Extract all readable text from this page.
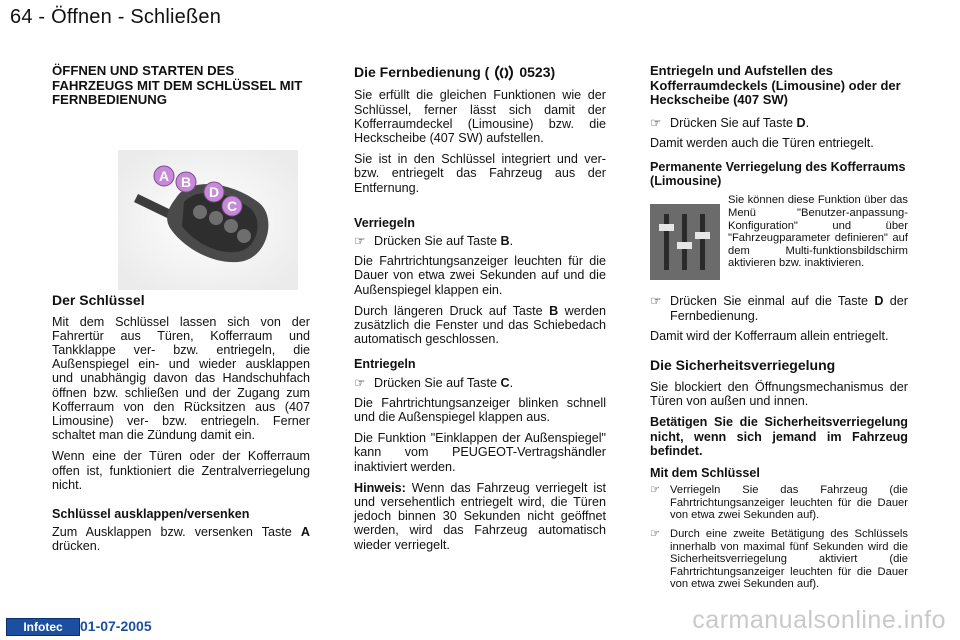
64 - Öffnen - Schließen
A B
D
C
ÖFFNEN UND STARTEN DES FAHRZEUGS MIT DEM SCHLÜSSEL MIT FERNBEDIENUNG
Der Schlüssel

Mit dem Schlüssel lassen sich von der Fahrertür aus Türen, Kofferraum und Tankklappe ver- bzw. entriegeln, die Außenspiegel ein- und wieder ausklappen und unabhängig davon das Handschuhfach öffnen bzw. schließen und der Zugang zum Kofferraum von den Rücksitzen aus (407 Limousine) ver- bzw. entriegeln. Ferner schaltet man die Zündung damit ein.

Wenn eine der Türen oder der Kofferraum offen ist, funktioniert die Zentralverriegelung nicht.

Schlüssel ausklappen/versenken

Zum Ausklappen bzw. versenken Taste A drücken.

Die Fernbedienung ( 0523)

Sie erfüllt die gleichen Funktionen wie der Schlüssel, ferner lässt sich damit der Kofferraumdeckel (Limousine) bzw. die Heckscheibe (407 SW) aufstellen.

Sie ist in den Schlüssel integriert und ver- bzw. entriegelt das Fahrzeug aus der Entfernung.

Verriegeln
☞ Drücken Sie auf Taste B.

Die Fahrtrichtungsanzeiger leuchten für die Dauer von etwa zwei Sekunden auf und die Außenspiegel klappen ein.

Durch längeren Druck auf Taste B werden zusätzlich die Fenster und das Schiebedach automatisch geschlossen.

Entriegeln
☞ Drücken Sie auf Taste C.

Die Fahrtrichtungsanzeiger blinken schnell und die Außenspiegel klappen aus.

Die Funktion "Einklappen der Außenspiegel" kann vom PEUGEOT-Vertragshändler inaktiviert werden.

Hinweis: Wenn das Fahrzeug verriegelt ist und versehentlich entriegelt wird, die Türen jedoch binnen 30 Sekunden nicht geöffnet werden, wird das Fahrzeug automatisch wieder verriegelt.

Entriegeln und Aufstellen des Kofferraumdeckels (Limousine) oder der Heckscheibe (407 SW)
☞ Drücken Sie auf Taste D.

Damit werden auch die Türen entriegelt.

Permanente Verriegelung des Kofferraums (Limousine)
Sie können diese Funktion über das Menü "Benutzer-anpassung-Konfiguration" und über "Fahrzeugparameter definieren" auf dem Multi-funktionsbildschirm aktivieren bzw. inaktivieren.
☞ Drücken Sie einmal auf die Taste D der Fernbedienung.

Damit wird der Kofferraum allein entriegelt.

Die Sicherheitsverriegelung

Sie blockiert den Öffnungsmechanismus der Türen von außen und innen.

Betätigen Sie die Sicherheitsverriegelung nicht, wenn sich jemand im Fahrzeug befindet.

Mit dem Schlüssel
☞ Verriegeln Sie das Fahrzeug (die Fahrtrichtungsanzeiger leuchten für die Dauer von etwa zwei Sekunden auf).
☞ Durch eine zweite Betätigung des Schlüssels innerhalb von maximal fünf Sekunden wird die Sicherheitsverriegelung aktiviert (die Fahrtrichtungsanzeiger leuchten für die Dauer von etwa zwei Sekunden auf).
Infotec	01-07-2005	carmanualsonline.info
